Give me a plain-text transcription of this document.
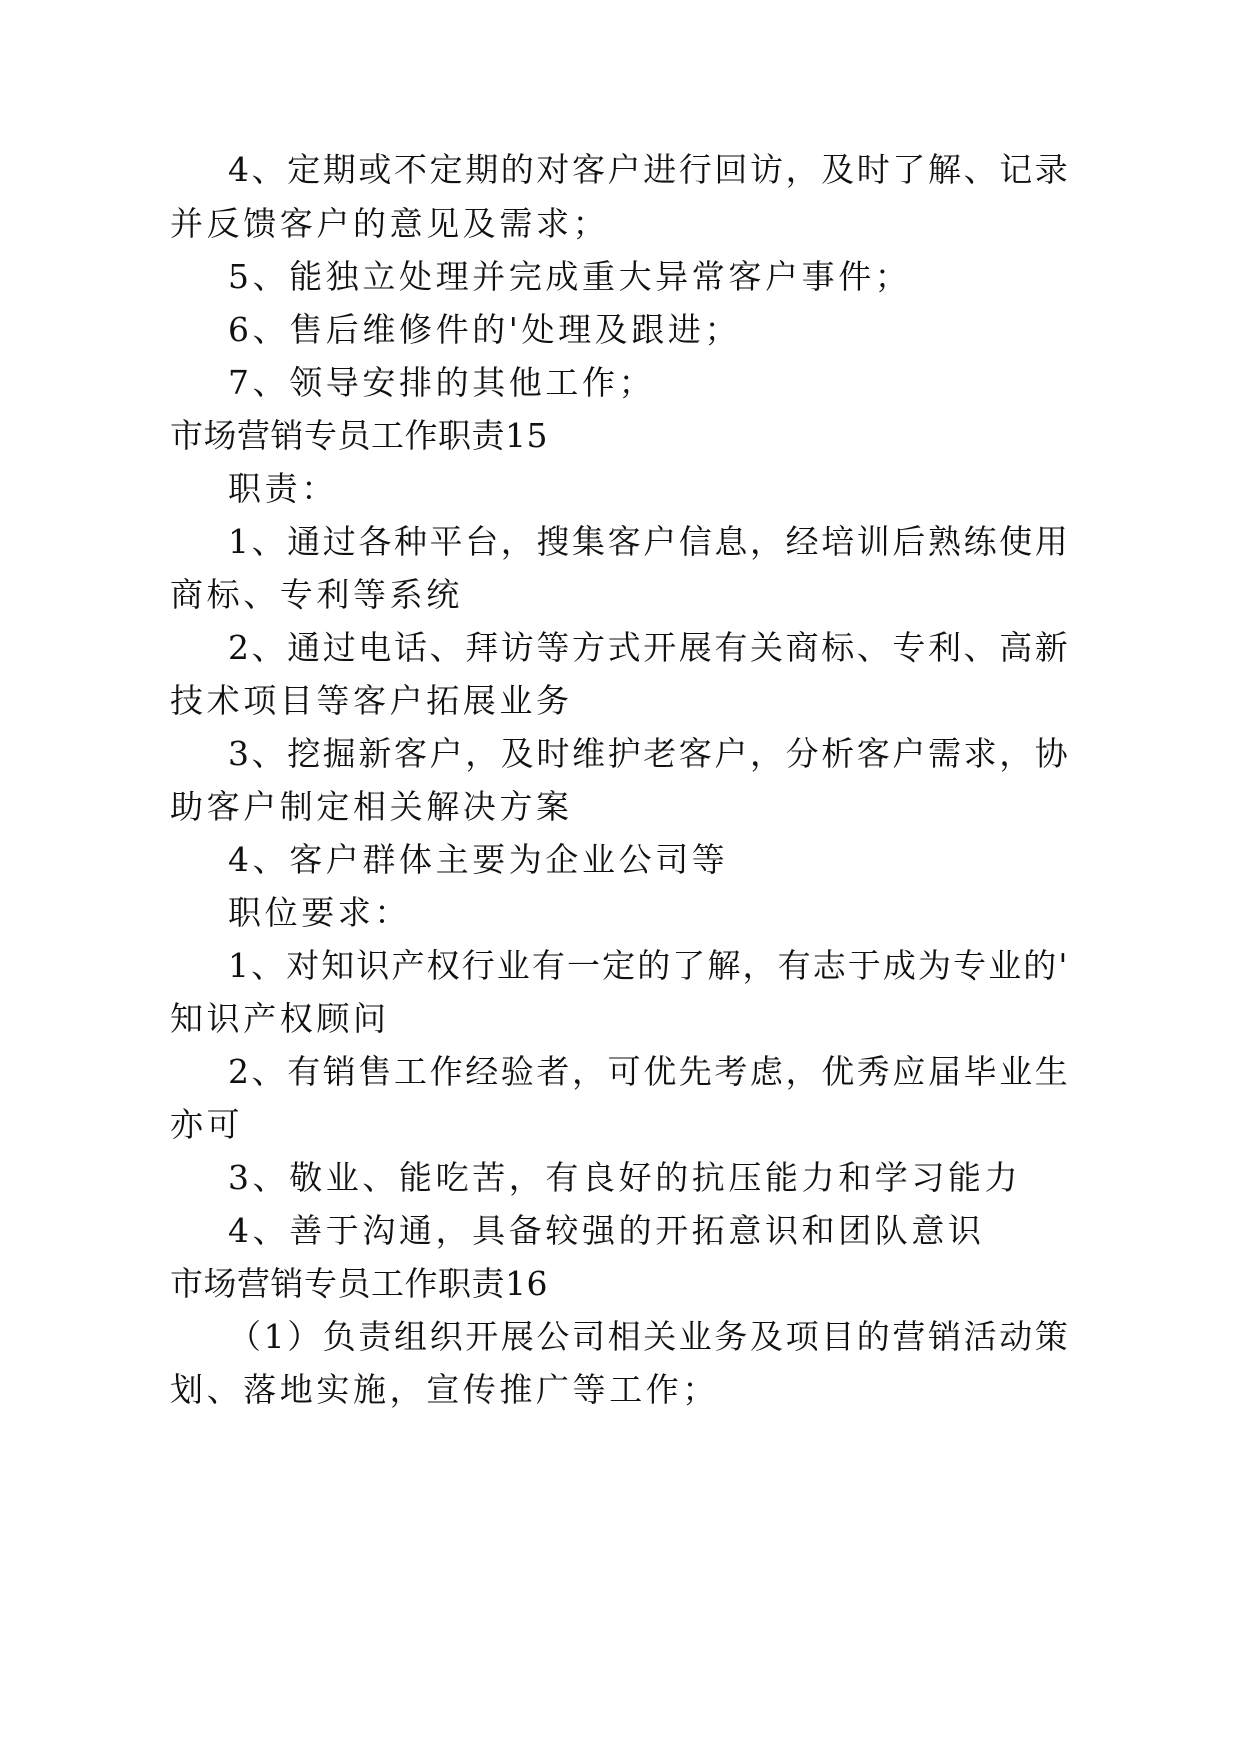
4、定期或不定期的对客户进行回访，及时了解、记录
并反馈客户的意见及需求；
5、能独立处理并完成重大异常客户事件；
6、售后维修件的'处理及跟进；
7、领导安排的其他工作；
市场营销专员工作职责15
职责：
1、通过各种平台，搜集客户信息，经培训后熟练使用
商标、专利等系统
2、通过电话、拜访等方式开展有关商标、专利、高新
技术项目等客户拓展业务
3、挖掘新客户，及时维护老客户，分析客户需求，协
助客户制定相关解决方案
4、客户群体主要为企业公司等
职位要求：
1、对知识产权行业有一定的了解，有志于成为专业的'
知识产权顾问
2、有销售工作经验者，可优先考虑，优秀应届毕业生
亦可
3、敬业、能吃苦，有良好的抗压能力和学习能力
4、善于沟通，具备较强的开拓意识和团队意识
市场营销专员工作职责16
（1）负责组织开展公司相关业务及项目的营销活动策
划、落地实施，宣传推广等工作；
